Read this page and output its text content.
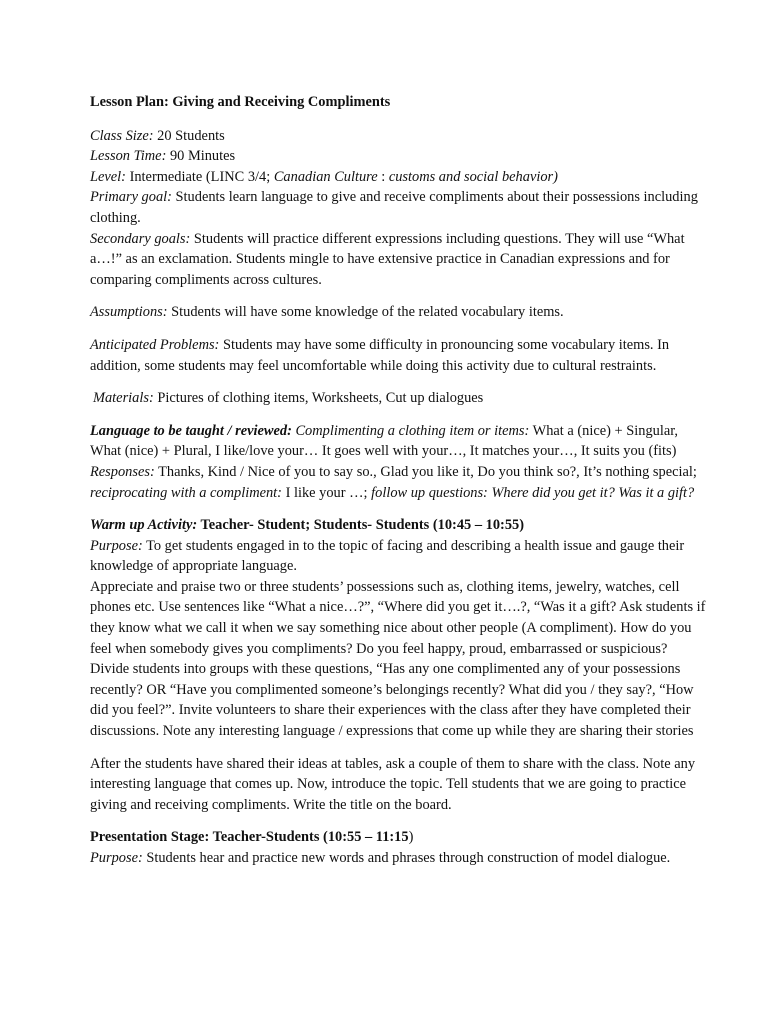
Lesson Plan: Giving and Receiving Compliments

Class Size: 20 Students

Lesson Time: 90 Minutes

Level: Intermediate (LINC 3/4; Canadian Culture : customs and social behavior)

Primary goal: Students learn language to give and receive compliments about their possessions including clothing.

Secondary goals: Students will practice different expressions including questions. They will use “What a…!” as an exclamation. Students mingle to have extensive practice in Canadian expressions and for comparing compliments across cultures.

Assumptions: Students will have some knowledge of the related vocabulary items.

Anticipated Problems: Students may have some difficulty in pronouncing some vocabulary items. In addition, some students may feel uncomfortable while doing this activity due to cultural restraints.

Materials: Pictures of clothing items, Worksheets, Cut up dialogues

Language to be taught / reviewed: Complimenting a clothing item or items: What a (nice) + Singular, What (nice) + Plural, I like/love your… It goes well with your…, It matches your…, It suits you (fits)
Responses: Thanks, Kind / Nice of you to say so., Glad you like it, Do you think so?, It’s nothing special; reciprocating with a compliment: I like your …; follow up questions: Where did you get it? Was it a gift?

Warm up Activity: Teacher- Student; Students- Students (10:45 – 10:55)

Purpose: To get students engaged in to the topic of facing and describing a health issue and gauge their knowledge of appropriate language.

Appreciate and praise two or three students’ possessions such as, clothing items, jewelry, watches, cell phones etc. Use sentences like “What a nice…?”, “Where did you get it….?, “Was it a gift? Ask students if they know what we call it when we say something nice about other people (A compliment). How do you feel when somebody gives you compliments? Do you feel happy, proud, embarrassed or suspicious? Divide students into groups with these questions, “Has any one complimented any of your possessions recently? OR “Have you complimented someone’s belongings recently? What did you / they say?, “How did you feel?”. Invite volunteers to share their experiences with the class after they have completed their discussions. Note any interesting language / expressions that come up while they are sharing their stories

After the students have shared their ideas at tables, ask a couple of them to share with the class. Note any interesting language that comes up. Now, introduce the topic. Tell students that we are going to practice giving and receiving compliments. Write the title on the board.

Presentation Stage: Teacher-Students (10:55 – 11:15)

Purpose: Students hear and practice new words and phrases through construction of model dialogue.
